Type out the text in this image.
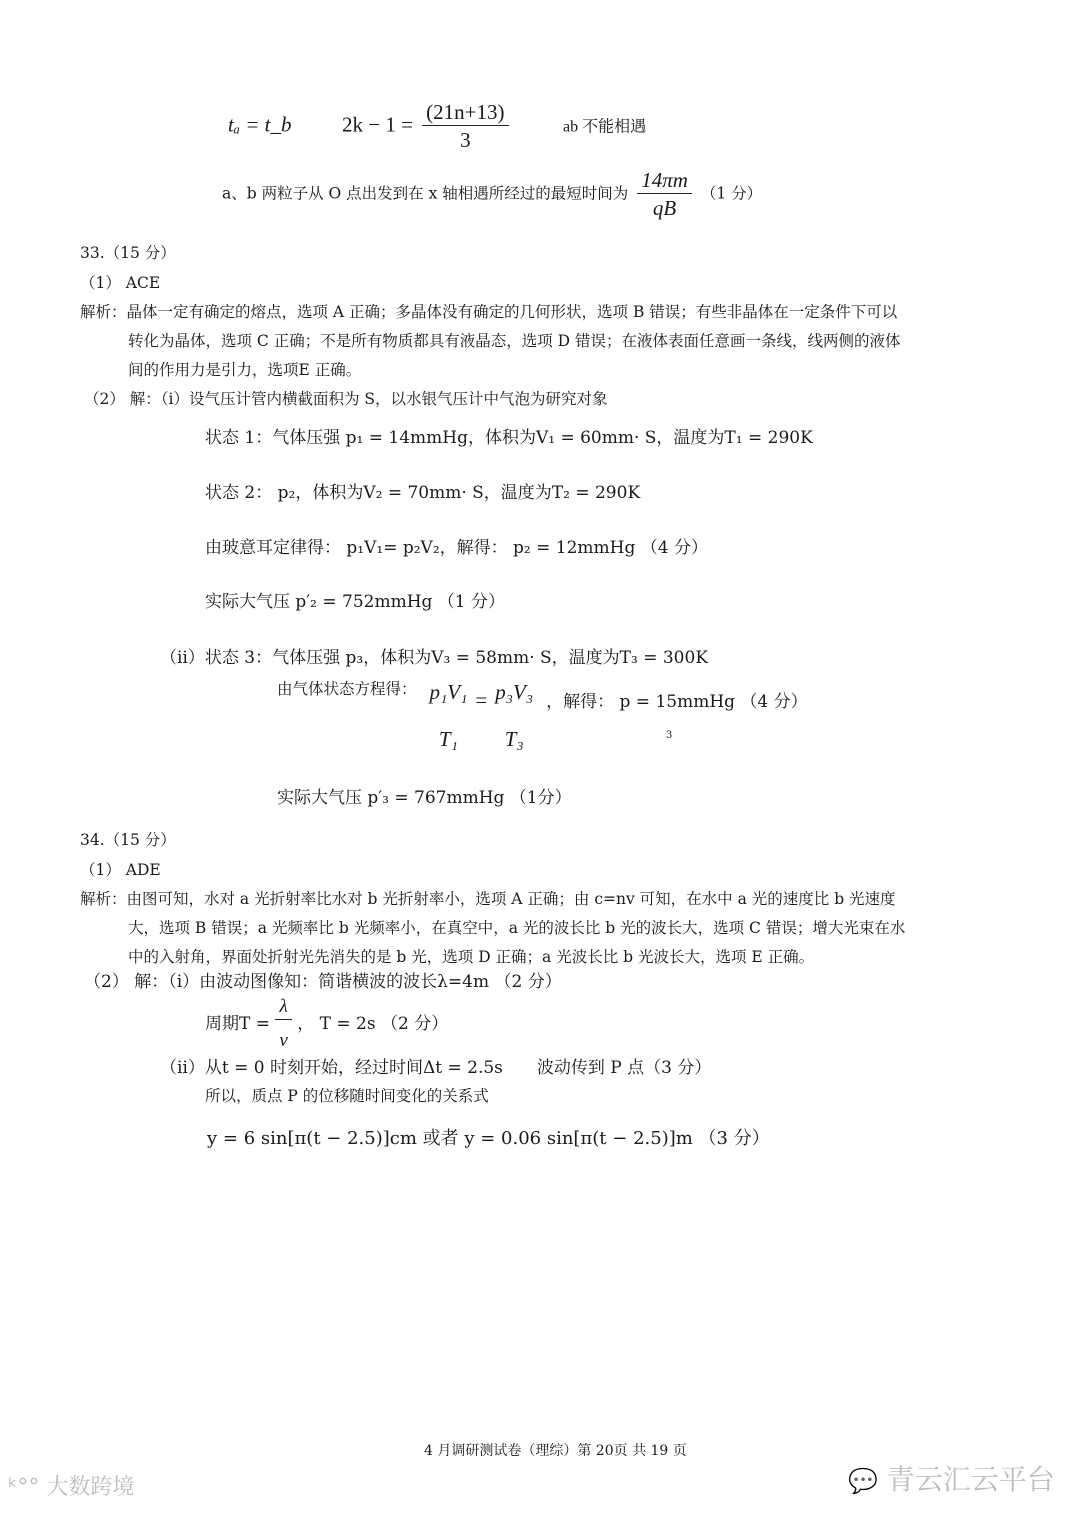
tₐ = t_b $2k - 1 = \frac{(21n+13)}{3}$	ab 不能相遇
a、b 两粒子从 O 点出发到在 x 轴相遇所经过的最短时间为 $\frac{14\pi m}{qB} (1$ 分）
33.（15 分）
（1） ACE
解析：晶体一定有确定的熔点，选项 A 正确；多晶体没有确定的几何形状，选项 B 错误；有些非晶体在一定条件下可以
转化为晶体，选项 C 正确；不是所有物质都具有液晶态，选项 D 错误；在液体表面任意画一条线，线两侧的液体
间的作用力是引力，选项E 正确。
（2） 解：（ⅰ）设气压计管内横截面积为 S，以水银气压计中气泡为研究对象
状态 1：气体压强 p₁ = 14mmHg，体积为V₁ = 60mm· S，温度为T₁ = 290K
状态 2： p₂，体积为V₂ = 70mm· S，温度为T₂ = 290K
由玻意耳定律得： p₁V₁= p₂V₂，解得： p₂ = 12mmHg （4 分）
实际大气压 p′₂ = 752mmHg （1 分）
（ⅱ）状态 3：气体压强 p₃，体积为V₃ = 58mm· S，温度为T₃ = 300K
由气体状态方程得： p₁V₁
T₁
= p₃V₃
T₃
，解得： p = 15mmHg （4 分）
3
实际大气压 p′₃ = 767mmHg （1分）
34.（15 分）
（1） ADE
解析：由图可知，水对 a 光折射率比水对 b 光折射率小，选项 A 正确；由 c=nv 可知，在水中 a 光的速度比 b 光速度
大，选项 B 错误；a 光频率比 b 光频率小，在真空中，a 光的波长比 b 光的波长大，选项 C 错误；增大光束在水
中的入射角，界面处折射光先消失的是 b 光，选项 D 正确；a 光波长比 b 光波长大，选项 E 正确。
（2） 解：（ⅰ）由波动图像知：简谐横波的波长λ=4m （2 分）
周期$T = \frac{\lambda}{v}$ ， T = 2s （2 分）
（ⅱ）从t = 0 时刻开始，经过时间Δt = 2.5s　　波动传到 P 点（3 分）
所以，质点 P 的位移随时间变化的关系式
y = 6 sin[π(t − 2.5)]cm 或者 y = 0.06 sin[π(t − 2.5)]m （3 分）
4 月调研测试卷（理综）第 20页 共 19 页
ᵏ°° 大数跨境	💬 青云汇云平台
